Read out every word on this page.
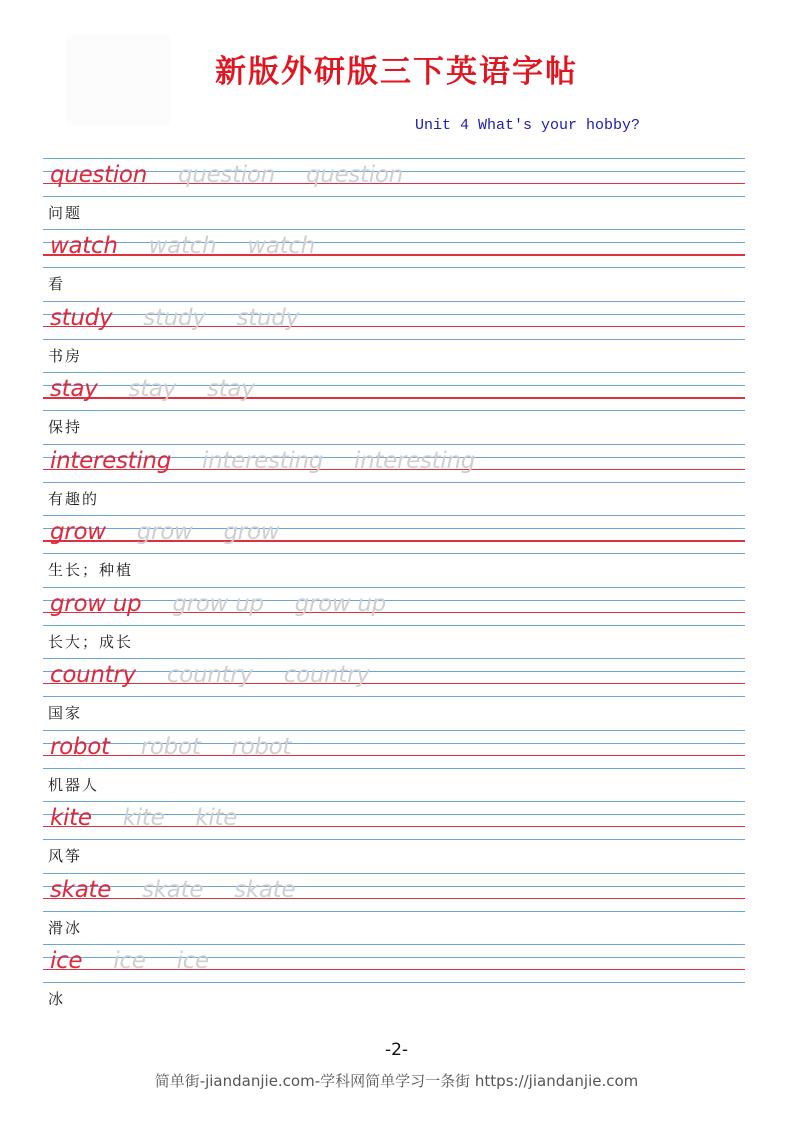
新版外研版三下英语字帖
Unit 4 What's your hobby?
question question question
问题
watch watch watch
看
study study study
书房
stay stay stay
保持
interesting interesting interesting
有趣的
grow grow grow
生长；种植
grow up grow up grow up
长大；成长
country country country
国家
robot robot robot
机器人
kite kite kite
风筝
skate skate skate
滑冰
ice ice ice
冰
-2-
简单街-jiandanjie.com-学科网简单学习一条街 https://jiandanjie.com
